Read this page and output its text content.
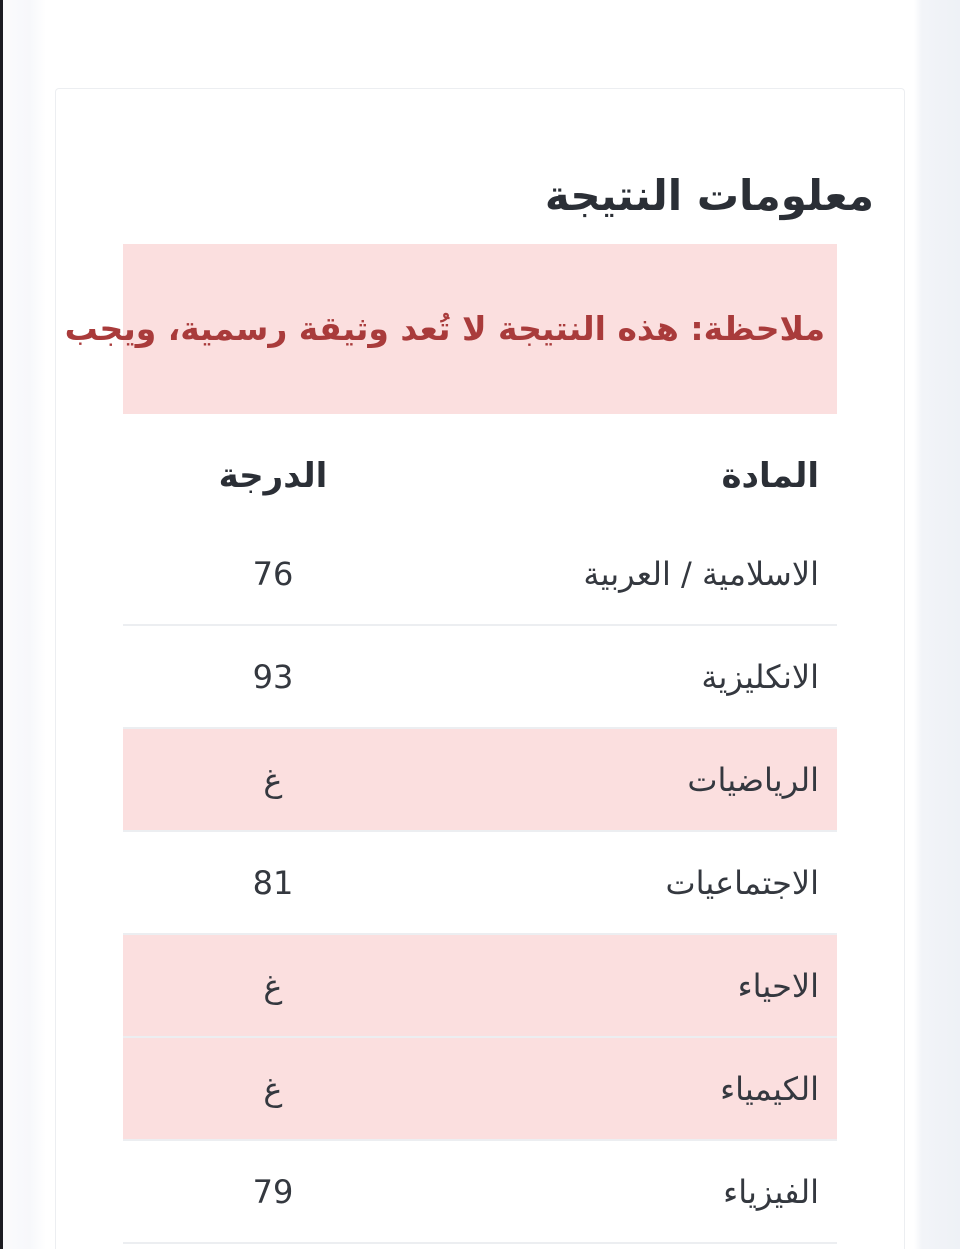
معلومات النتيجة
ملاحظة: هذه النتيجة لا تُعد وثيقة رسمية، ويجب
المادة	الدرجة
الاسلامية / العربية	76
الانكليزية	93
الرياضيات	غ
الاجتماعيات	81
الاحياء	غ
الكيمياء	غ
الفيزياء	79
